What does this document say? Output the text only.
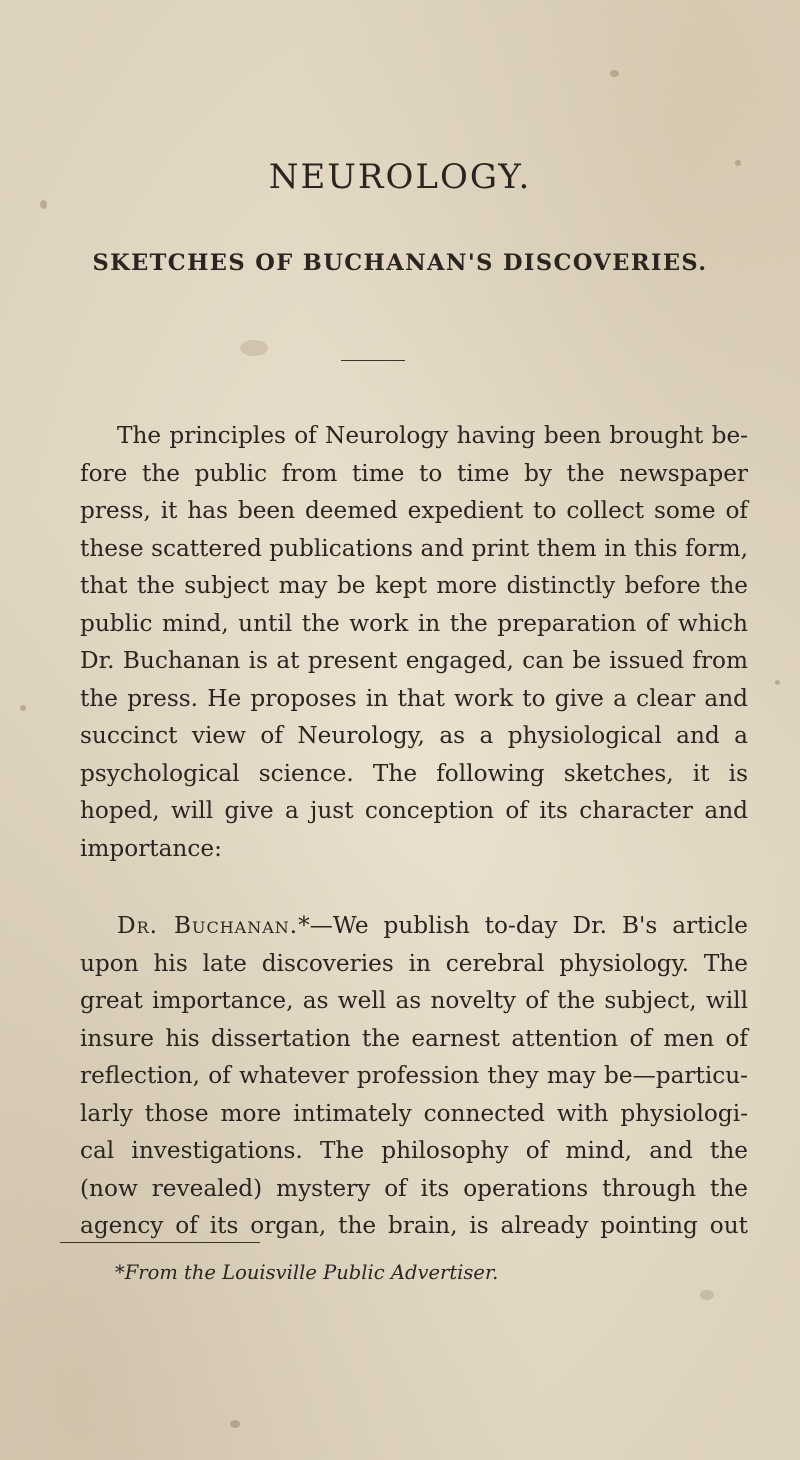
NEUROLOGY.
SKETCHES OF BUCHANAN'S DISCOVERIES.
The principles of Neurology having been brought be-
fore the public from time to time by the newspaper
press, it has been deemed expedient to collect some of
these scattered publications and print them in this form,
that the subject may be kept more distinctly before the
public mind, until the work in the preparation of which
Dr. Buchanan is at present engaged, can be issued from
the press. He proposes in that work to give a clear and
succinct view of Neurology, as a physiological and a
psychological science. The following sketches, it is
hoped, will give a just conception of its character and
importance:
Dr. Buchanan.*—We publish to-day Dr. B's article
upon his late discoveries in cerebral physiology. The
great importance, as well as novelty of the subject, will
insure his dissertation the earnest attention of men of
reflection, of whatever profession they may be—particu-
larly those more intimately connected with physiologi-
cal investigations. The philosophy of mind, and the
(now revealed) mystery of its operations through the
agency of its organ, the brain, is already pointing out

*From the Louisville Public Advertiser.
